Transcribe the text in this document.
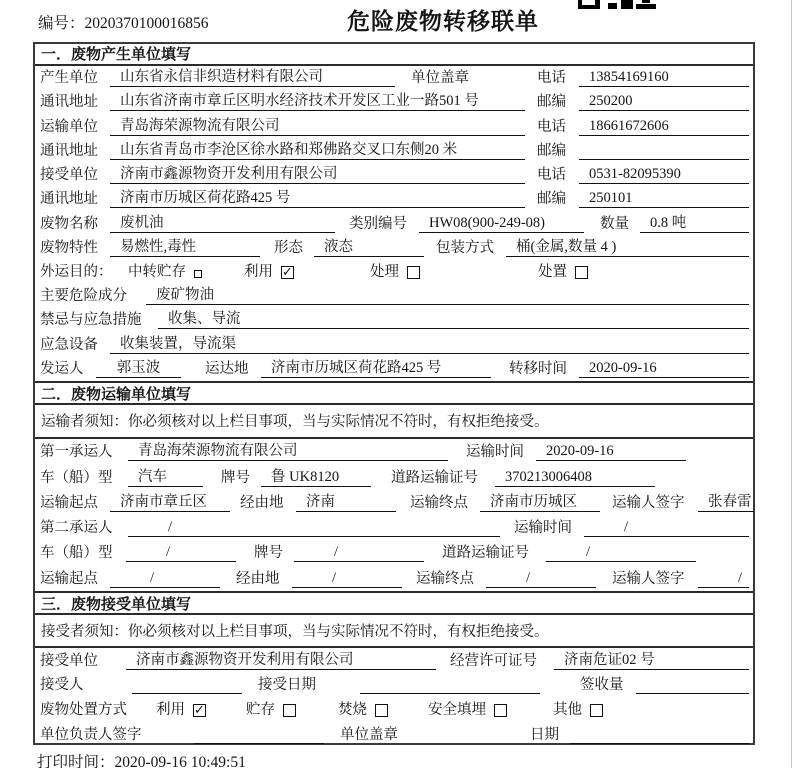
编号：2020370100016856	危险废物转移联单
一．废物产生单位填写
产生单位	山东省永信非织造材料有限公司	单位盖章	电话	13854169160
通讯地址	山东省济南市章丘区明水经济技术开发区工业一路501 号	邮编	250200
运输单位	青岛海荣源物流有限公司	电话	18661672606
通讯地址	山东省青岛市李沧区徐水路和郑佛路交叉口东侧20 米	邮编
接受单位	济南市鑫源物资开发利用有限公司	电话	0531-82095390
通讯地址	济南市历城区荷花路425 号	邮编	250101
废物名称	废机油	类别编号	HW08(900-249-08)	数量	0.8 吨
废物特性	易燃性,毒性	形态	液态	包装方式	桶(金属,数量 4 )
外运目的：	中转贮存	利用 ✓	处理	处置
主要危险成分	废矿物油
禁忌与应急措施	收集、导流
应急设备	收集装置，导流渠
发运人	郭玉波	运达地	济南市历城区荷花路425 号	转移时间	2020-09-16
二．废物运输单位填写
运输者须知：你必须核对以上栏目事项，当与实际情况不符时，有权拒绝接受。
第一承运人	青岛海荣源物流有限公司	运输时间	2020-09-16
车（船）型	汽车	牌号	鲁 UK8120	道路运输证号	370213006408
运输起点	济南市章丘区 经由地	济南	运输终点	济南市历城区 运输人签字	张春雷
第二承运人	/	运输时间	/
车（船）型	/	牌号	/	道路运输证号	/
运输起点	/	经由地	/	运输终点	/	运输人签字	/
三．废物接受单位填写
接受者须知：你必须核对以上栏目事项，当与实际情况不符时，有权拒绝接受。
接受单位	济南市鑫源物资开发利用有限公司	经营许可证号	济南危证02 号
接受人	接受日期	签收量
废物处置方式	利用 ✓	贮存	焚烧	安全填埋	其他
单位负责人签字	单位盖章	日期
打印时间：2020-09-16 10:49:51
